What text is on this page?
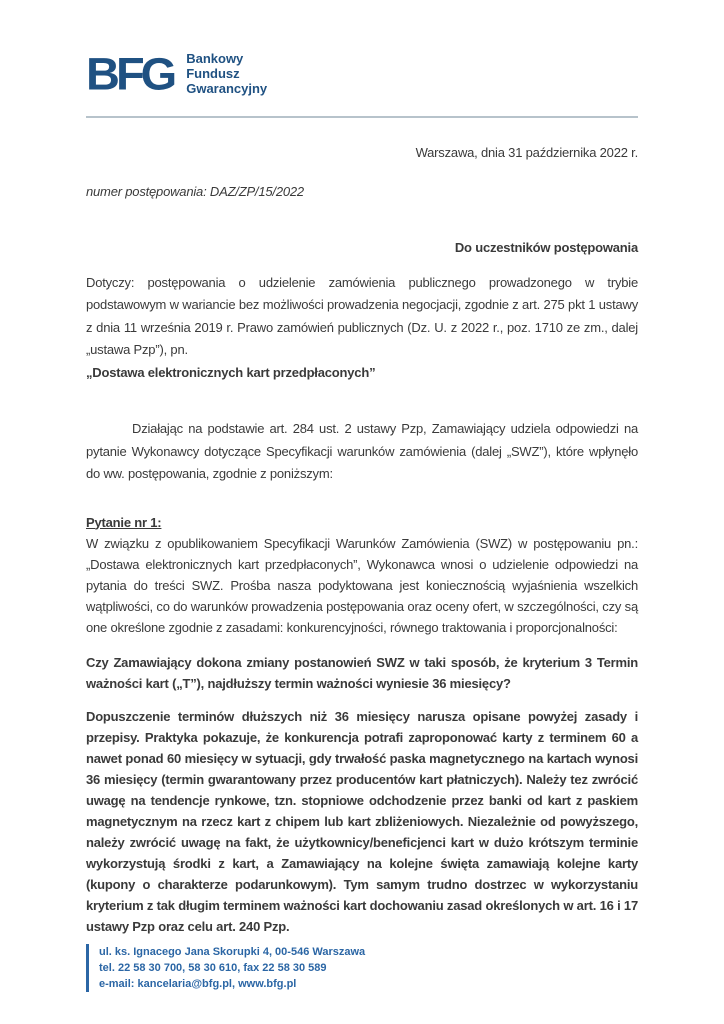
BFG Bankowy
Fundusz
Gwarancyjny

Warszawa, dnia 31 października 2022 r.

numer postępowania: DAZ/ZP/15/2022

Do uczestników postępowania

Dotyczy: postępowania o udzielenie zamówienia publicznego prowadzonego w trybie podstawowym w wariancie bez możliwości prowadzenia negocjacji, zgodnie z art. 275 pkt 1 ustawy z dnia 11 września 2019 r. Prawo zamówień publicznych (Dz. U. z 2022 r., poz. 1710 ze zm., dalej „ustawa Pzp”), pn.
„Dostawa elektronicznych kart przedpłaconych”

Działając na podstawie art. 284 ust. 2 ustawy Pzp, Zamawiający udziela odpowiedzi na pytanie Wykonawcy dotyczące Specyfikacji warunków zamówienia (dalej „SWZ”), które wpłynęło do ww. postępowania, zgodnie z poniższym:

Pytanie nr 1:

W związku z opublikowaniem Specyfikacji Warunków Zamówienia (SWZ) w postępowaniu pn.: „Dostawa elektronicznych kart przedpłaconych”, Wykonawca wnosi o udzielenie odpowiedzi na pytania do treści SWZ. Prośba nasza podyktowana jest koniecznością wyjaśnienia wszelkich wątpliwości, co do warunków prowadzenia postępowania oraz oceny ofert, w szczególności, czy są one określone zgodnie z zasadami: konkurencyjności, równego traktowania i proporcjonalności:

Czy Zamawiający dokona zmiany postanowień SWZ w taki sposób, że kryterium 3 Termin ważności kart („T”), najdłuższy termin ważności wyniesie 36 miesięcy?

Dopuszczenie terminów dłuższych niż 36 miesięcy narusza opisane powyżej zasady i przepisy. Praktyka pokazuje, że konkurencja potrafi zaproponować karty z terminem 60 a nawet ponad 60 miesięcy w sytuacji, gdy trwałość paska magnetycznego na kartach wynosi 36 miesięcy (termin gwarantowany przez producentów kart płatniczych). Należy tez zwrócić uwagę na tendencje rynkowe, tzn. stopniowe odchodzenie przez banki od kart z paskiem magnetycznym na rzecz kart z chipem lub kart zbliżeniowych. Niezależnie od powyższego, należy zwrócić uwagę na fakt, że użytkownicy/beneficjenci kart w dużo krótszym terminie wykorzystują środki z kart, a Zamawiający na kolejne święta zamawiają kolejne karty (kupony o charakterze podarunkowym). Tym samym trudno dostrzec w wykorzystaniu kryterium z tak długim terminem ważności kart dochowaniu zasad określonych w art. 16 i 17 ustawy Pzp oraz celu art. 240 Pzp.

ul. ks. Ignacego Jana Skorupki 4, 00-546 Warszawa
tel. 22 58 30 700, 58 30 610, fax 22 58 30 589
e-mail: kancelaria@bfg.pl, www.bfg.pl
